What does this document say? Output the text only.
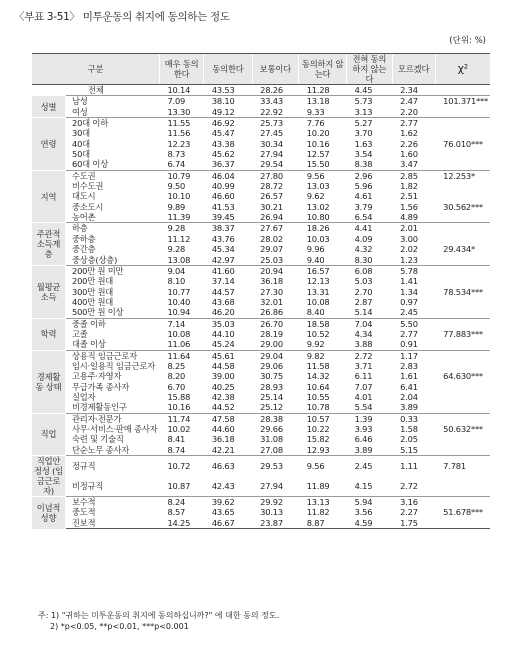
〈부표 3-51〉 미투운동의 취지에 동의하는 정도
(단위: %)
구분		매우 동의한다	동의한다	보통이다	동의하지 않는다	전혀 동의하지 않는다	모르겠다	χ²
전체		10.14	43.53	28.26	11.28	4.45	2.34	
성별	남성	7.09	38.10	33.43	13.18	5.73	2.47	101.371***
	여성	13.30	49.12	22.92	9.33	3.13	2.20	
연령	20대 이하	11.55	46.92	25.73	7.76	5.27	2.77	
	30대	11.56	45.47	27.45	10.20	3.70	1.62	
	40대	12.23	43.38	30.34	10.16	1.63	2.26	76.010***
	50대	8.73	45.62	27.94	12.57	3.54	1.60	
	60대 이상	6.74	36.37	29.54	15.50	8.38	3.47	
지역	수도권	10.79	46.04	27.80	9.56	2.96	2.85	12.253*
	비수도권	9.50	40.99	28.72	13.03	5.96	1.82	
	대도시	10.10	46.60	26.57	9.62	4.61	2.51	
	중소도시	9.89	41.53	30.21	13.02	3.79	1.56	30.562***
	농어촌	11.39	39.45	26.94	10.80	6.54	4.89	
주관적 소득계층	하층	9.28	38.37	27.67	18.26	4.41	2.01	
	중하층	11.12	43.76	28.02	10.03	4.09	3.00	
	중간층	9.28	45.34	29.07	9.96	4.32	2.02	29.434*
	중상층(상층)	13.08	42.97	25.03	9.40	8.30	1.23	
월평균 소득	200만 원 미만	9.04	41.60	20.94	16.57	6.08	5.78	
	200만 원대	8.10	37.14	36.18	12.13	5.03	1.41	
	300만 원대	10.77	44.57	27.30	13.31	2.70	1.34	78.534***
	400만 원대	10.40	43.68	32.01	10.08	2.87	0.97	
	500만 원 이상	10.94	46.20	26.86	8.40	5.14	2.45	
학력	중졸 이하	7.14	35.03	26.70	18.58	7.04	5.50	
	고졸	10.08	44.10	28.19	10.52	4.34	2.77	77.883***
	대졸 이상	11.06	45.24	29.00	9.92	3.88	0.91	
경제활동 상태	상용직 임금근로자	11.64	45.61	29.04	9.82	2.72	1.17	
	임시·일용직 임금근로자	8.25	44.58	29.06	11.58	3.71	2.83	
	고용주·자영자	8.20	39.00	30.75	14.32	6.11	1.61	64.630***
	무급가족 종사자	6.70	40.25	28.93	10.64	7.07	6.41	
	실업자	15.88	42.38	25.14	10.55	4.01	2.04	
	비경제활동인구	10.16	44.52	25.12	10.78	5.54	3.89	
직업	관리자·전문가	11.74	47.58	28.38	10.57	1.39	0.33	
	사무·서비스·판매 종사자	10.02	44.60	29.66	10.22	3.93	1.58	50.632***
	숙련 및 기술직	8.41	36.18	31.08	15.82	6.46	2.05	
	단순노무 종사자	8.74	42.21	27.08	12.93	3.89	5.15	
직업안정성 (임금근로자)	정규직	10.72	46.63	29.53	9.56	2.45	1.11	7.781
	비정규직	10.87	42.43	27.94	11.89	4.15	2.72	
이념적 성향	보수적	8.24	39.62	29.92	13.13	5.94	3.16	
	중도적	8.57	43.65	30.13	11.82	3.56	2.27	51.678***
	진보적	14.25	46.67	23.87	8.87	4.59	1.75	
주: 1) "귀하는 미투운동의 취지에 동의하십니까?" 에 대한 동의 정도.
2) *p<0.05, **p<0.01, ***p<0.001
